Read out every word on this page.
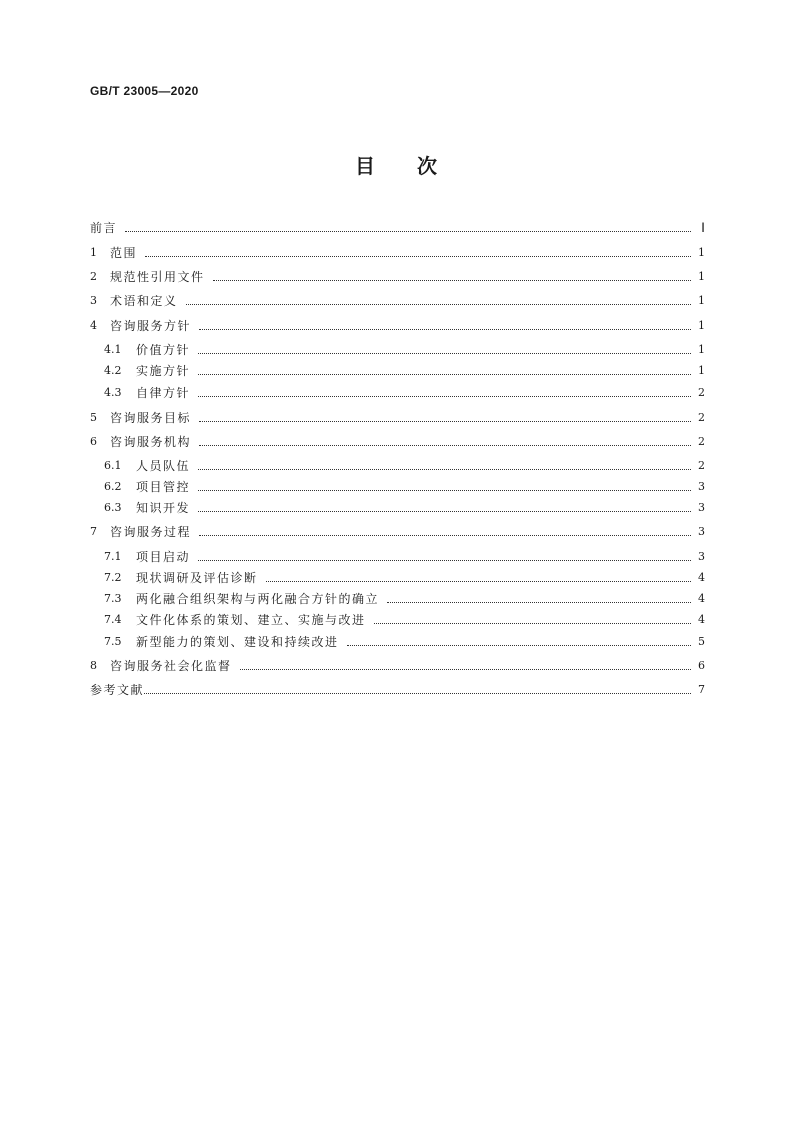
GB/T 23005—2020
目 次
前言	Ⅰ
1	范围	1
2	规范性引用文件	1
3	术语和定义	1
4	咨询服务方针	1
4.1	价值方针	1
4.2	实施方针	1
4.3	自律方针	2
5	咨询服务目标	2
6	咨询服务机构	2
6.1	人员队伍	2
6.2	项目管控	3
6.3	知识开发	3
7	咨询服务过程	3
7.1	项目启动	3
7.2	现状调研及评估诊断	4
7.3	两化融合组织架构与两化融合方针的确立	4
7.4	文件化体系的策划、建立、实施与改进	4
7.5	新型能力的策划、建设和持续改进	5
8	咨询服务社会化监督	6
参考文献	7
